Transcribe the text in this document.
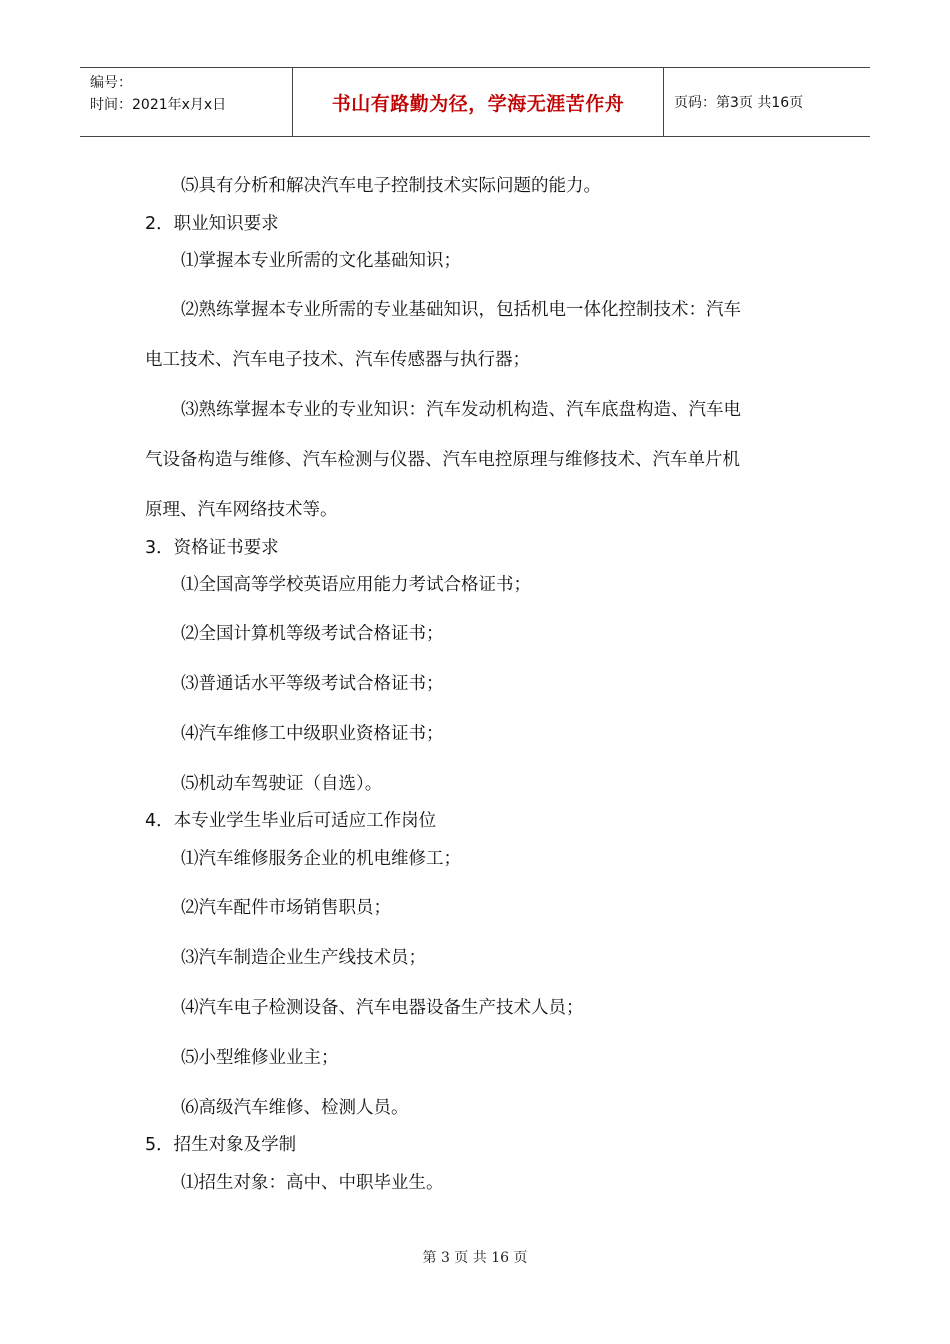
编号：
时间：2021年x月x日	书山有路勤为径，学海无涯苦作舟	页码：第3页 共16页
⑸具有分析和解决汽车电子控制技术实际问题的能力。
2．职业知识要求
⑴掌握本专业所需的文化基础知识；
⑵熟练掌握本专业所需的专业基础知识，包括机电一体化控制技术：汽车
电工技术、汽车电子技术、汽车传感器与执行器；
⑶熟练掌握本专业的专业知识：汽车发动机构造、汽车底盘构造、汽车电
气设备构造与维修、汽车检测与仪器、汽车电控原理与维修技术、汽车单片机
原理、汽车网络技术等。
3．资格证书要求
⑴全国高等学校英语应用能力考试合格证书；
⑵全国计算机等级考试合格证书；
⑶普通话水平等级考试合格证书；
⑷汽车维修工中级职业资格证书；
⑸机动车驾驶证（自选）。
4．本专业学生毕业后可适应工作岗位
⑴汽车维修服务企业的机电维修工；
⑵汽车配件市场销售职员；
⑶汽车制造企业生产线技术员；
⑷汽车电子检测设备、汽车电器设备生产技术人员；
⑸小型维修业业主；
⑹高级汽车维修、检测人员。
5．招生对象及学制
⑴招生对象：高中、中职毕业生。
第 3 页 共 16 页
